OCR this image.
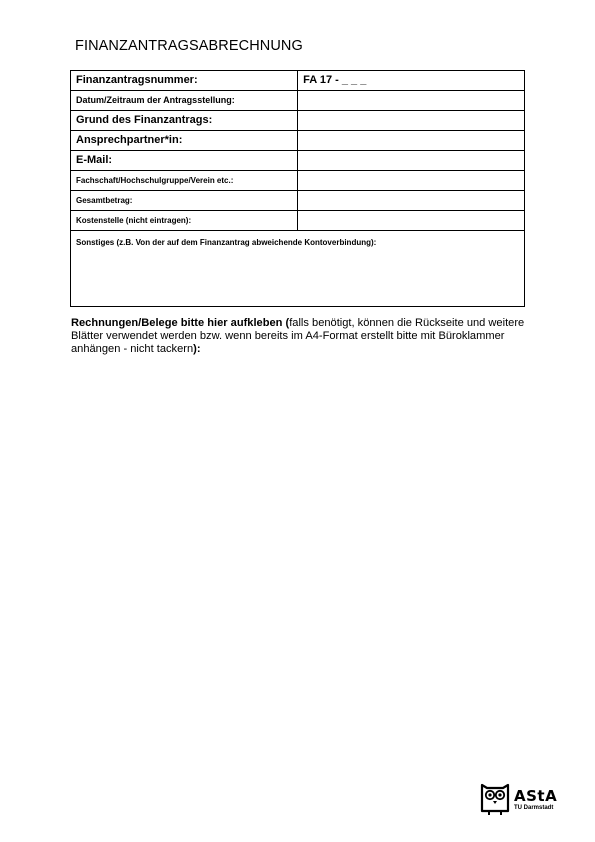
FINANZANTRAGSABRECHNUNG
Finanzantragsnummer:	FA 17 - _ _ _
Datum/Zeitraum der Antragsstellung:	
Grund des Finanzantrags:	
Ansprechpartner*in:	
E-Mail:	
Fachschaft/Hochschulgruppe/Verein etc.:	
Gesamtbetrag:	
Kostenstelle (nicht eintragen):	
Sonstiges (z.B. Von der auf dem Finanzantrag abweichende Kontoverbindung):	
Rechnungen/Belege bitte hier aufkleben (falls benötigt, können die Rückseite und weitere Blätter verwendet werden bzw. wenn bereits im A4-Format erstellt bitte mit Büroklammer anhängen - nicht tackern):
AStA
TU Darmstadt
